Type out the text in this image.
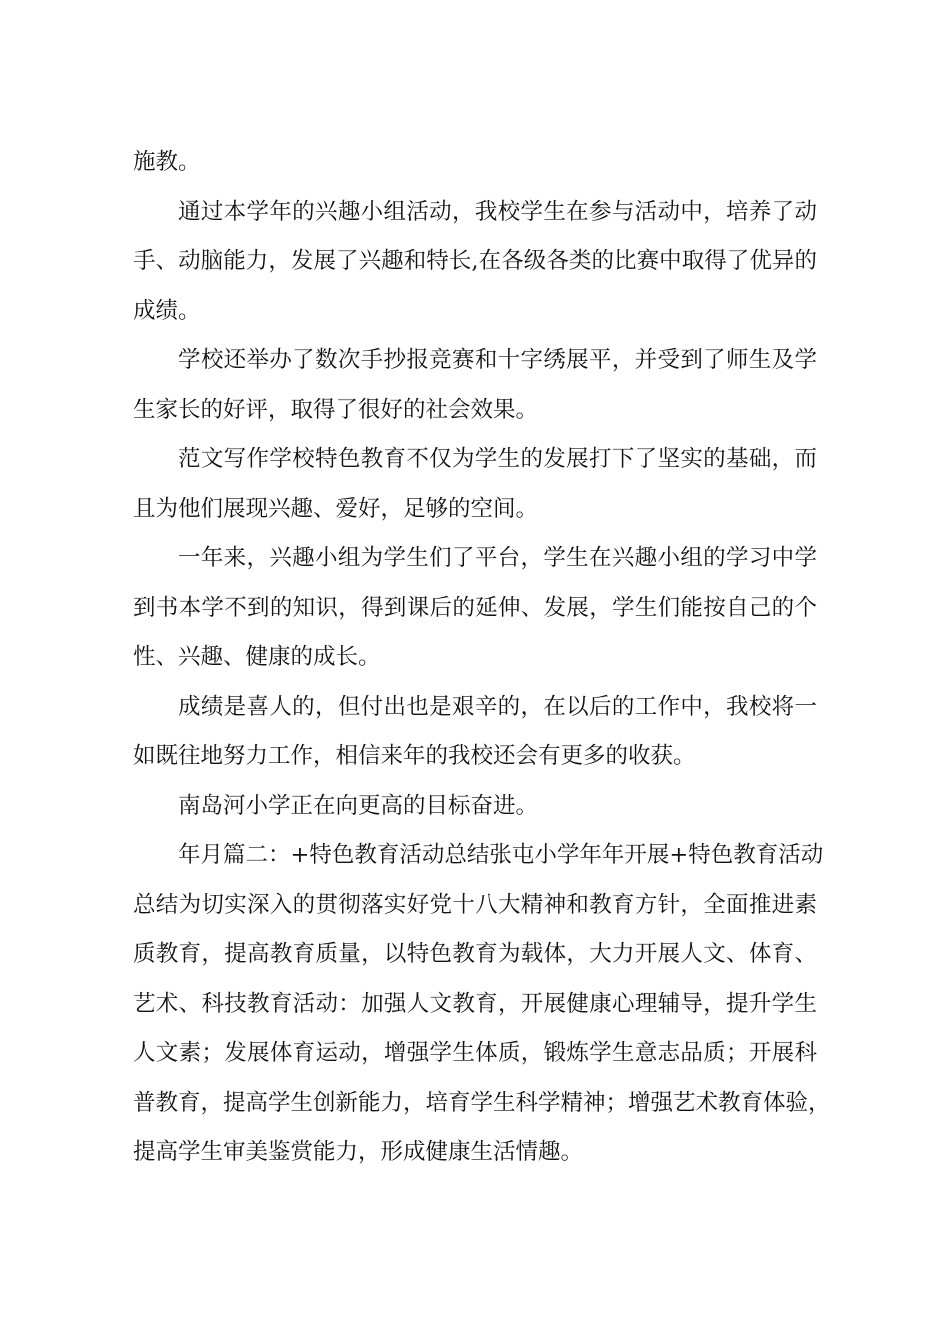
施教。
通过本学年的兴趣小组活动，我校学生在参与活动中，培养了动
手、动脑能力，发展了兴趣和特长,在各级各类的比赛中取得了优异的
成绩。
学校还举办了数次手抄报竞赛和十字绣展平，并受到了师生及学
生家长的好评，取得了很好的社会效果。
范文写作学校特色教育不仅为学生的发展打下了坚实的基础，而
且为他们展现兴趣、爱好，足够的空间。
一年来，兴趣小组为学生们了平台，学生在兴趣小组的学习中学
到书本学不到的知识，得到课后的延伸、发展，学生们能按自己的个
性、兴趣、健康的成长。
成绩是喜人的，但付出也是艰辛的，在以后的工作中，我校将一
如既往地努力工作，相信来年的我校还会有更多的收获。
南岛河小学正在向更高的目标奋进。
年月篇二：+特色教育活动总结张屯小学年年开展+特色教育活动
总结为切实深入的贯彻落实好党十八大精神和教育方针，全面推进素
质教育，提高教育质量，以特色教育为载体，大力开展人文、体育、
艺术、科技教育活动：加强人文教育，开展健康心理辅导，提升学生
人文素；发展体育运动，增强学生体质，锻炼学生意志品质；开展科
普教育，提高学生创新能力，培育学生科学精神；增强艺术教育体验，
提高学生审美鉴赏能力，形成健康生活情趣。
